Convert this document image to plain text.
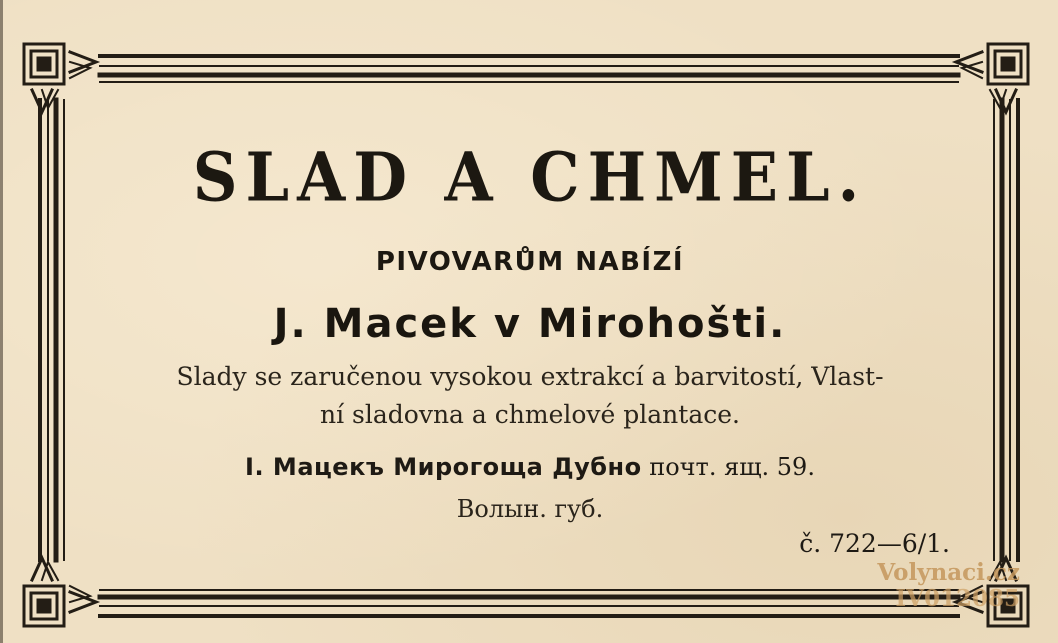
SLAD A CHMEL.
PIVOVARŮM NABÍZÍ
J. Macek v Mirohošti.
Slady se zaručenou vysokou extrakcí a barvitostí, Vlast-
ní sladovna a chmelové plantace.
I. Мацекъ Мирогоща Дубно почт. ящ. 59.
Волын. губ.
č. 722—6/1.
Volynaci.cz
IV012085
